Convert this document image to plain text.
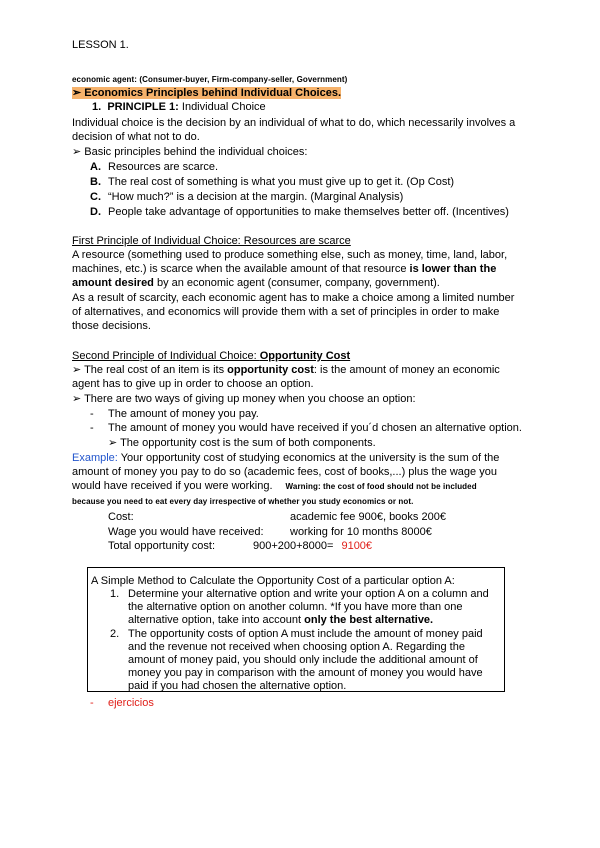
LESSON 1.
economic agent: (Consumer-buyer, Firm-company-seller, Government)
➢ Economics Principles behind Individual Choices.
1. PRINCIPLE 1: Individual Choice
Individual choice is the decision by an individual of what to do, which necessarily involves a
decision of what not to do.
➢ Basic principles behind the individual choices:
A. Resources are scarce.
B. The real cost of something is what you must give up to get it. (Op Cost)
C. “How much?” is a decision at the margin. (Marginal Analysis)
D. People take advantage of opportunities to make themselves better off. (Incentives)
First Principle of Individual Choice: Resources are scarce
A resource (something used to produce something else, such as money, time, land, labor,
machines, etc.) is scarce when the available amount of that resource is lower than the
amount desired by an economic agent (consumer, company, government).
As a result of scarcity, each economic agent has to make a choice among a limited number
of alternatives, and economics will provide them with a set of principles in order to make
those decisions.
Second Principle of Individual Choice: Opportunity Cost
➢ The real cost of an item is its opportunity cost: is the amount of money an economic
agent has to give up in order to choose an option.
➢ There are two ways of giving up money when you choose an option:
- The amount of money you pay.
- The amount of money you would have received if you´d chosen an alternative option.
➢ The opportunity cost is the sum of both components.
Example: Your opportunity cost of studying economics at the university is the sum of the
amount of money you pay to do so (academic fees, cost of books,...) plus the wage you
would have received if you were working. Warning: the cost of food should not be included
because you need to eat every day irrespective of whether you study economics or not.
Cost:	academic fee 900€, books 200€
Wage you would have received: working for 10 months 8000€
Total opportunity cost:	900+200+8000= 9100€
A Simple Method to Calculate the Opportunity Cost of a particular option A:
1. Determine your alternative option and write your option A on a column and
the alternative option on another column. *If you have more than one
alternative option, take into account only the best alternative.
2. The opportunity costs of option A must include the amount of money paid
and the revenue not received when choosing option A. Regarding the
amount of money paid, you should only include the additional amount of
money you pay in comparison with the amount of money you would have
paid if you had chosen the alternative option.
- ejercicios
